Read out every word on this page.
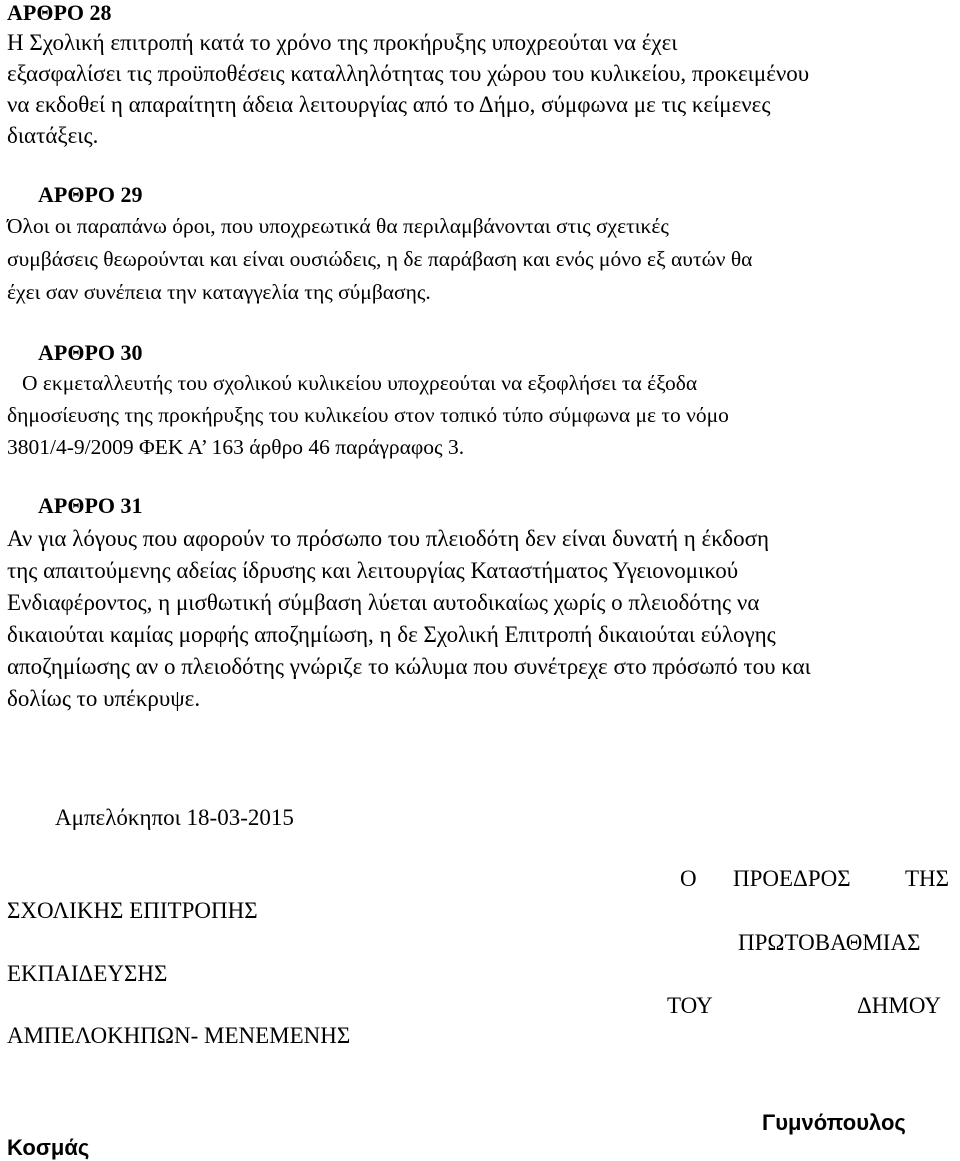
ΑΡΘΡΟ 28
Η Σχολική επιτροπή κατά το χρόνο της προκήρυξης υποχρεούται να έχει
εξασφαλίσει τις προϋποθέσεις καταλληλότητας του χώρου του κυλικείου, προκειμένου
να εκδοθεί η απαραίτητη άδεια λειτουργίας από το Δήμο, σύμφωνα με τις κείμενες
διατάξεις.
ΑΡΘΡΟ 29
Όλοι οι παραπάνω όροι, που υποχρεωτικά θα περιλαμβάνονται στις σχετικές
συμβάσεις θεωρούνται και είναι ουσιώδεις, η δε παράβαση και ενός μόνο εξ αυτών θα
έχει σαν συνέπεια την καταγγελία της σύμβασης.
ΑΡΘΡΟ 30
Ο εκμεταλλευτής του σχολικού κυλικείου υποχρεούται να εξοφλήσει τα έξοδα
δημοσίευσης της προκήρυξης του κυλικείου στον τοπικό τύπο σύμφωνα με το νόμο
3801/4-9/2009 ΦΕΚ Α’ 163 άρθρο 46 παράγραφος 3.
ΑΡΘΡΟ 31
Αν για λόγους που αφορούν το πρόσωπο του πλειοδότη δεν είναι δυνατή η έκδοση
της απαιτούμενης αδείας ίδρυσης και λειτουργίας Καταστήματος Υγειονομικού
Ενδιαφέροντος, η μισθωτική σύμβαση λύεται αυτοδικαίως χωρίς ο πλειοδότης να
δικαιούται καμίας μορφής αποζημίωση, η δε Σχολική Επιτροπή δικαιούται εύλογης
αποζημίωσης αν ο πλειοδότης γνώριζε το κώλυμα που συνέτρεχε στο πρόσωπό του και
δολίως το υπέκρυψε.
Αμπελόκηποι 18-03-2015
Ο ΠΡΟΕΔΡΟΣ ΤΗΣ
ΠΡΩΤΟΒΑΘΜΙΑΣ
ΤΟΥ	ΔΗΜΟΥ
ΣΧΟΛΙΚΗΣ ΕΠΙΤΡΟΠΗΣ
ΕΚΠΑΙΔΕΥΣΗΣ
ΑΜΠΕΛΟΚΗΠΩΝ- ΜΕΝΕΜΕΝΗΣ
Γυμνόπουλος
Κοσμάς
